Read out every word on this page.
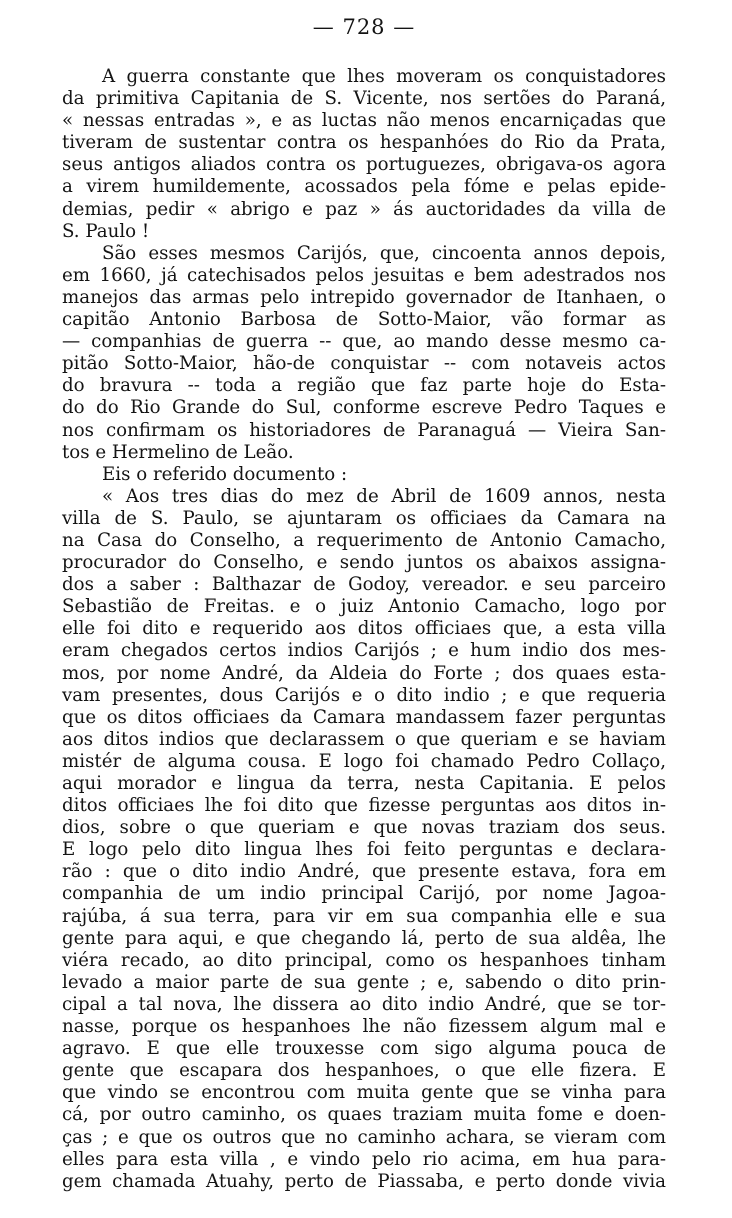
— 728 —
A guerra constante que lhes moveram os conquistadores
da primitiva Capitania de S. Vicente, nos sertões do Paraná,
« nessas entradas », e as luctas não menos encarniçadas que
tiveram de sustentar contra os hespanhóes do Rio da Prata,
seus antigos aliados contra os portuguezes, obrigava-os agora
a virem humildemente, acossados pela fóme e pelas epide-
demias, pedir « abrigo e paz » ás auctoridades da villa de
S. Paulo !
São esses mesmos Carijós, que, cincoenta annos depois,
em 1660, já catechisados pelos jesuitas e bem adestrados nos
manejos das armas pelo intrepido governador de Itanhaen, o
capitão Antonio Barbosa de Sotto-Maior, vão formar as
— companhias de guerra -- que, ao mando desse mesmo ca-
pitão Sotto-Maior, hão-de conquistar -- com notaveis actos
do bravura -- toda a região que faz parte hoje do Esta-
do do Rio Grande do Sul, conforme escreve Pedro Taques e
nos confirmam os historiadores de Paranaguá — Vieira San-
tos e Hermelino de Leão.
Eis o referido documento :
« Aos tres dias do mez de Abril de 1609 annos, nesta
villa de S. Paulo, se ajuntaram os officiaes da Camara na
na Casa do Conselho, a requerimento de Antonio Camacho,
procurador do Conselho, e sendo juntos os abaixos assigna-
dos a saber : Balthazar de Godoy, vereador. e seu parceiro
Sebastião de Freitas. e o juiz Antonio Camacho, logo por
elle foi dito e requerido aos ditos officiaes que, a esta villa
eram chegados certos indios Carijós ; e hum indio dos mes-
mos, por nome André, da Aldeia do Forte ; dos quaes esta-
vam presentes, dous Carijós e o dito indio ; e que requeria
que os ditos officiaes da Camara mandassem fazer perguntas
aos ditos indios que declarassem o que queriam e se haviam
mistér de alguma cousa. E logo foi chamado Pedro Collaço,
aqui morador e lingua da terra, nesta Capitania. E pelos
ditos officiaes lhe foi dito que fizesse perguntas aos ditos in-
dios, sobre o que queriam e que novas traziam dos seus.
E logo pelo dito lingua lhes foi feito perguntas e declara-
rão : que o dito indio André, que presente estava, fora em
companhia de um indio principal Carijó, por nome Jagoa-
rajúba, á sua terra, para vir em sua companhia elle e sua
gente para aqui, e que chegando lá, perto de sua aldêa, lhe
viéra recado, ao dito principal, como os hespanhoes tinham
levado a maior parte de sua gente ; e, sabendo o dito prin-
cipal a tal nova, lhe dissera ao dito indio André, que se tor-
nasse, porque os hespanhoes lhe não fizessem algum mal e
agravo. E que elle trouxesse com sigo alguma pouca de
gente que escapara dos hespanhoes, o que elle fizera. E
que vindo se encontrou com muita gente que se vinha para
cá, por outro caminho, os quaes traziam muita fome e doen-
ças ; e que os outros que no caminho achara, se vieram com
elles para esta villa , e vindo pelo rio acima, em hua para-
gem chamada Atuahy, perto de Piassaba, e perto donde vivia
